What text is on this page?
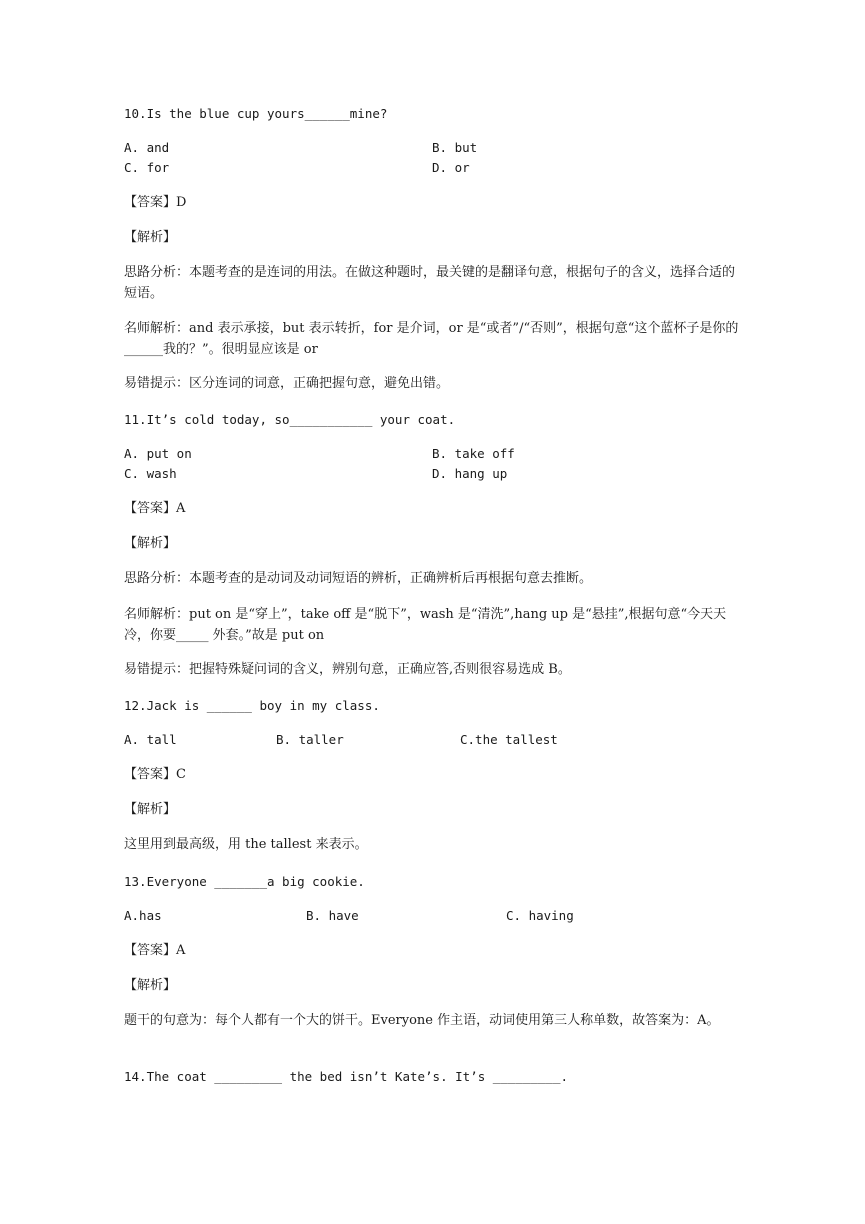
10.Is the blue cup yours______mine?
A. and	B. but
C. for	D. or
【答案】D
【解析】
思路分析：本题考查的是连词的用法。在做这种题时，最关键的是翻译句意，根据句子的含义，选择合适的短语。
名师解析：and 表示承接，but 表示转折，for 是介词，or 是“或者”/“否则”，根据句意“这个蓝杯子是你的______我的？”。很明显应该是 or
易错提示：区分连词的词意，正确把握句意，避免出错。
11.It’s cold today, so___________ your coat.
A. put on	B. take off
C. wash	D. hang up
【答案】A
【解析】
思路分析：本题考查的是动词及动词短语的辨析，正确辨析后再根据句意去推断。
名师解析：put on 是“穿上”，take off 是“脱下”，wash 是“清洗”,hang up 是“悬挂”,根据句意“今天天冷，你要_____ 外套。”故是 put on
易错提示：把握特殊疑问词的含义，辨别句意，正确应答,否则很容易选成 B。
12.Jack is ______ boy in my class.
A. tall	B. taller	C.the tallest
【答案】C
【解析】
这里用到最高级，用 the tallest 来表示。
13.Everyone _______a big cookie.
A.has	B. have	C. having
【答案】A
【解析】
题干的句意为：每个人都有一个大的饼干。Everyone 作主语，动词使用第三人称单数，故答案为：A。
14.The coat _________ the bed isn’t Kate’s. It’s _________.
